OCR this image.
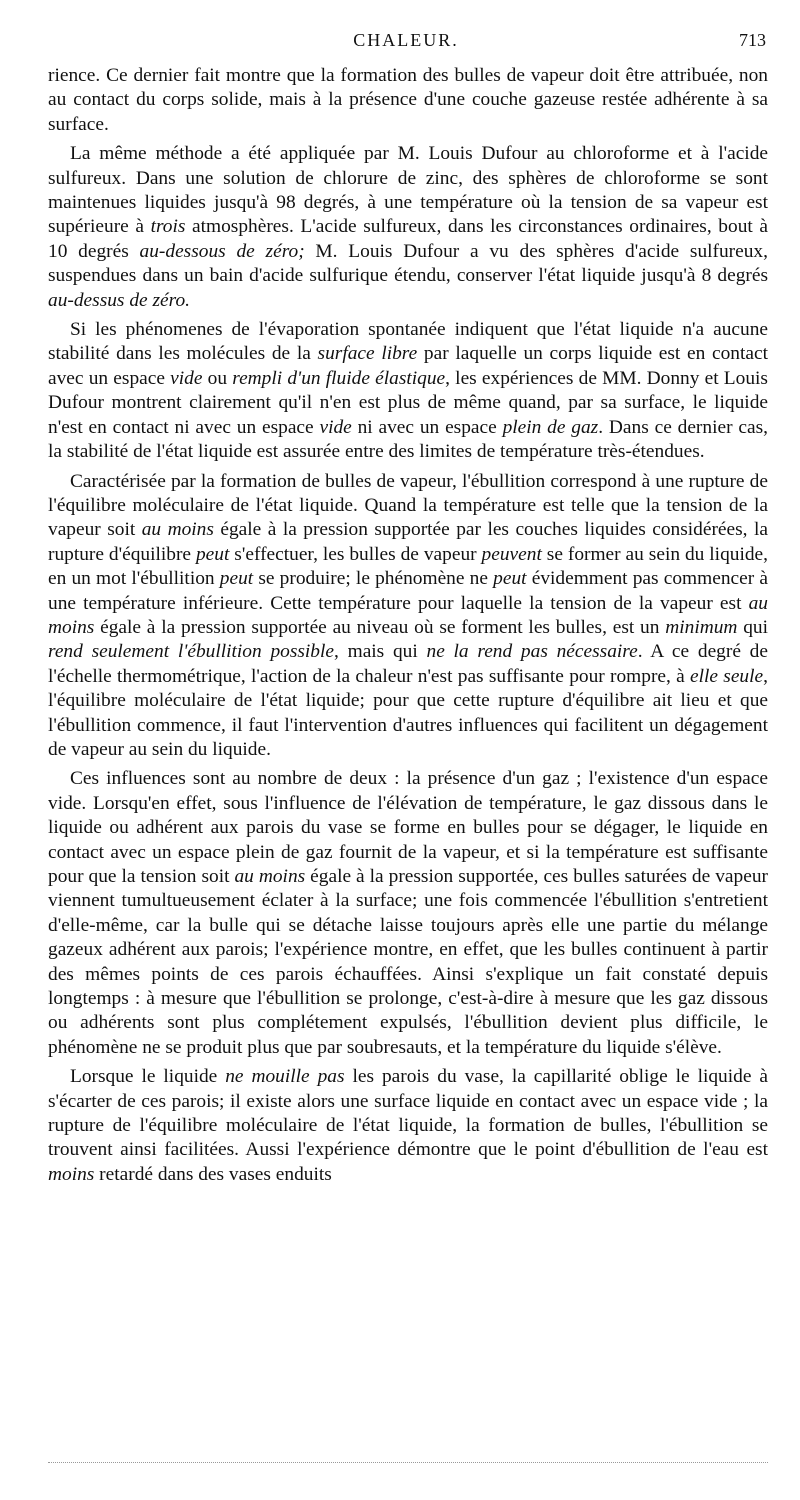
CHALEUR.	713

rience. Ce dernier fait montre que la formation des bulles de vapeur doit être attribuée, non au contact du corps solide, mais à la présence d'une couche gazeuse restée adhérente à sa surface.

La même méthode a été appliquée par M. Louis Dufour au chloroforme et à l'acide sulfureux. Dans une solution de chlorure de zinc, des sphères de chloroforme se sont maintenues liquides jusqu'à 98 degrés, à une température où la tension de sa vapeur est supérieure à trois atmosphères. L'acide sulfureux, dans les circonstances ordinaires, bout à 10 degrés au-dessous de zéro; M. Louis Dufour a vu des sphères d'acide sulfureux, suspendues dans un bain d'acide sulfurique étendu, conserver l'état liquide jusqu'à 8 degrés au-dessus de zéro.

Si les phénomenes de l'évaporation spontanée indiquent que l'état liquide n'a aucune stabilité dans les molécules de la surface libre par laquelle un corps liquide est en contact avec un espace vide ou rempli d'un fluide élastique, les expériences de MM. Donny et Louis Dufour montrent clairement qu'il n'en est plus de même quand, par sa surface, le liquide n'est en contact ni avec un espace vide ni avec un espace plein de gaz. Dans ce dernier cas, la stabilité de l'état liquide est assurée entre des limites de température très-étendues.

Caractérisée par la formation de bulles de vapeur, l'ébullition correspond à une rupture de l'équilibre moléculaire de l'état liquide. Quand la température est telle que la tension de la vapeur soit au moins égale à la pression supportée par les couches liquides considérées, la rupture d'équilibre peut s'effectuer, les bulles de vapeur peuvent se former au sein du liquide, en un mot l'ébullition peut se produire; le phénomène ne peut évidemment pas commencer à une température inférieure. Cette température pour laquelle la tension de la vapeur est au moins égale à la pression supportée au niveau où se forment les bulles, est un minimum qui rend seulement l'ébullition possible, mais qui ne la rend pas nécessaire. A ce degré de l'échelle thermométrique, l'action de la chaleur n'est pas suffisante pour rompre, à elle seule, l'équilibre moléculaire de l'état liquide; pour que cette rupture d'équilibre ait lieu et que l'ébullition commence, il faut l'intervention d'autres influences qui facilitent un dégagement de vapeur au sein du liquide.

Ces influences sont au nombre de deux : la présence d'un gaz ; l'existence d'un espace vide. Lorsqu'en effet, sous l'influence de l'élévation de température, le gaz dissous dans le liquide ou adhérent aux parois du vase se forme en bulles pour se dégager, le liquide en contact avec un espace plein de gaz fournit de la vapeur, et si la température est suffisante pour que la tension soit au moins égale à la pression supportée, ces bulles saturées de vapeur viennent tumultueusement éclater à la surface; une fois commencée l'ébullition s'entretient d'elle-même, car la bulle qui se détache laisse toujours après elle une partie du mélange gazeux adhérent aux parois; l'expérience montre, en effet, que les bulles continuent à partir des mêmes points de ces parois échauffées. Ainsi s'explique un fait constaté depuis longtemps : à mesure que l'ébullition se prolonge, c'est-à-dire à mesure que les gaz dissous ou adhérents sont plus complétement expulsés, l'ébullition devient plus difficile, le phénomène ne se produit plus que par soubresauts, et la température du liquide s'élève.

Lorsque le liquide ne mouille pas les parois du vase, la capillarité oblige le liquide à s'écarter de ces parois; il existe alors une surface liquide en contact avec un espace vide ; la rupture de l'équilibre moléculaire de l'état liquide, la formation de bulles, l'ébullition se trouvent ainsi facilitées. Aussi l'expérience démontre que le point d'ébullition de l'eau est moins retardé dans des vases enduits
